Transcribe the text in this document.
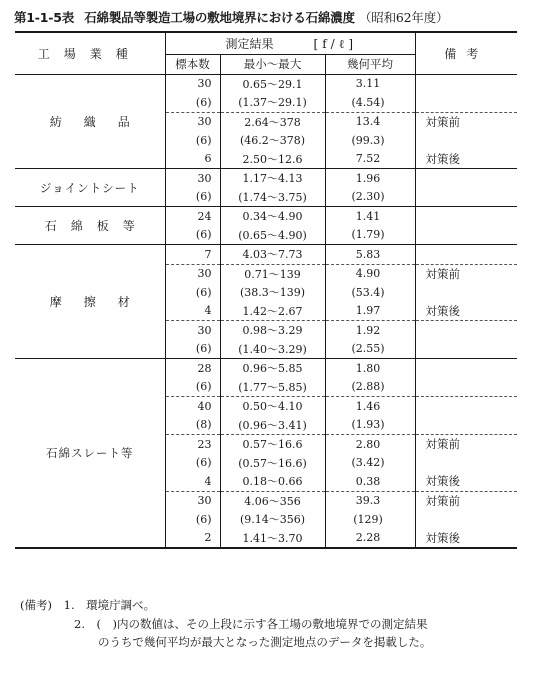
第1-1-5表 石綿製品等製造工場の敷地境界における石綿濃度 （昭和62年度）
工場業種	測定結果 [f/ℓ]			備考
	標本数	最小～最大	幾何平均	
紡織品	30	0.65～29.1	3.11	
	(6)	(1.37～29.1)	(4.54)	
	30	2.64～378	13.4	対策前
	(6)	(46.2～378)	(99.3)	
	6	2.50～12.6	7.52	対策後
ジョイントシート	30	1.17～4.13	1.96	
	(6)	(1.74～3.75)	(2.30)	
石綿板等	24	0.34～4.90	1.41	
	(6)	(0.65～4.90)	(1.79)	
摩擦材	7	4.03～7.73	5.83	
	30	0.71～139	4.90	対策前
	(6)	(38.3～139)	(53.4)	
	4	1.42～2.67	1.97	対策後
	30	0.98～3.29	1.92	
	(6)	(1.40～3.29)	(2.55)	
石綿スレート等	28	0.96～5.85	1.80	
	(6)	(1.77～5.85)	(2.88)	
	40	0.50～4.10	1.46	
	(8)	(0.96～3.41)	(1.93)	
	23	0.57～16.6	2.80	対策前
	(6)	(0.57～16.6)	(3.42)	
	4	0.18～0.66	0.38	対策後
	30	4.06～356	39.3	対策前
	(6)	(9.14～356)	(129)	
	2	1.41～3.70	2.28	対策後
(備考) 1.　環境庁調べ。
2.　(　)内の数値は、その上段に示す各工場の敷地境界での測定結果
のうちで幾何平均が最大となった測定地点のデータを掲載した。
